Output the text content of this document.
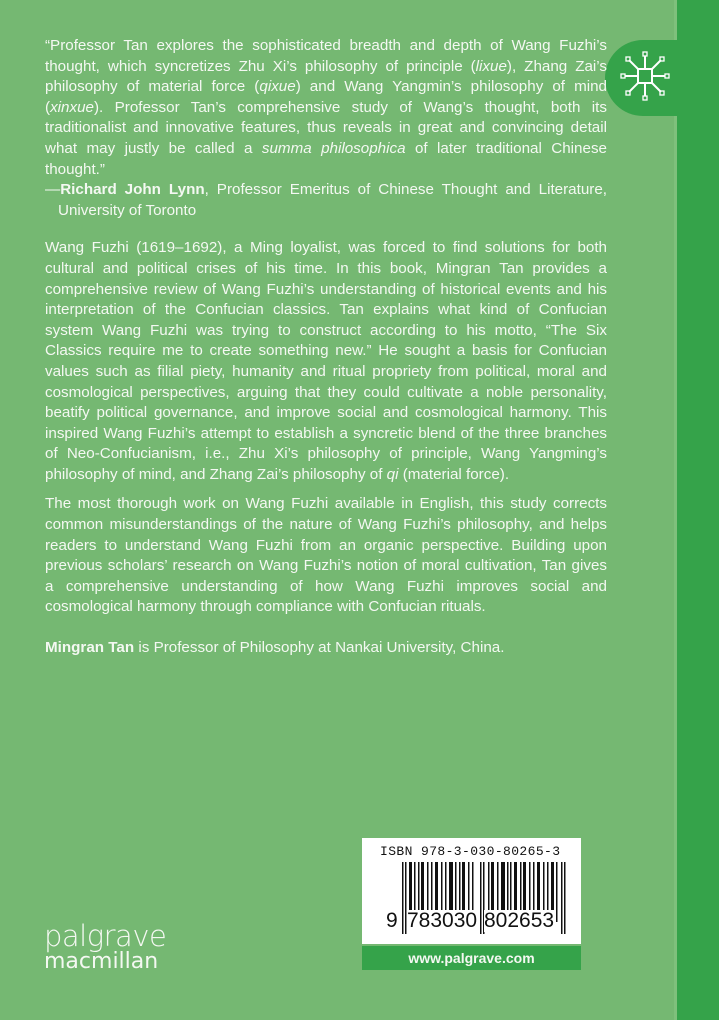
“Professor Tan explores the sophisticated breadth and depth of Wang Fuzhi’s thought, which syncretizes Zhu Xi’s philosophy of principle (lixue), Zhang Zai’s philosophy of material force (qixue) and Wang Yangmin’s philosophy of mind (xinxue). Professor Tan’s comprehensive study of Wang’s thought, both its traditionalist and innovative features, thus reveals in great and convincing detail what may justly be called a summa philosophica of later traditional Chinese thought.”

—Richard John Lynn, Professor Emeritus of Chinese Thought and Literature, University of Toronto

Wang Fuzhi (1619–1692), a Ming loyalist, was forced to find solutions for both cultural and political crises of his time. In this book, Mingran Tan provides a comprehensive review of Wang Fuzhi’s understanding of historical events and his interpretation of the Confucian classics. Tan explains what kind of Confucian system Wang Fuzhi was trying to construct according to his motto, “The Six Classics require me to create something new.” He sought a basis for Confucian values such as filial piety, humanity and ritual propriety from political, moral and cosmological perspectives, arguing that they could cultivate a noble personality, beatify political governance, and improve social and cosmological harmony. This inspired Wang Fuzhi’s attempt to establish a syncretic blend of the three branches of Neo-Confucianism, i.e., Zhu Xi’s philosophy of principle, Wang Yangming’s philosophy of mind, and Zhang Zai’s philosophy of qi (material force).

The most thorough work on Wang Fuzhi available in English, this study corrects common misunderstandings of the nature of Wang Fuzhi’s philosophy, and helps readers to understand Wang Fuzhi from an organic perspective. Building upon previous scholars’ research on Wang Fuzhi’s notion of moral cultivation, Tan gives a comprehensive understanding of how Wang Fuzhi improves social and cosmological harmony through compliance with Confucian rituals.

Mingran Tan is Professor of Philosophy at Nankai University, China.

palgrave
macmillan
ISBN 978-3-030-80265-3
9 783030 802653
www.palgrave.com
